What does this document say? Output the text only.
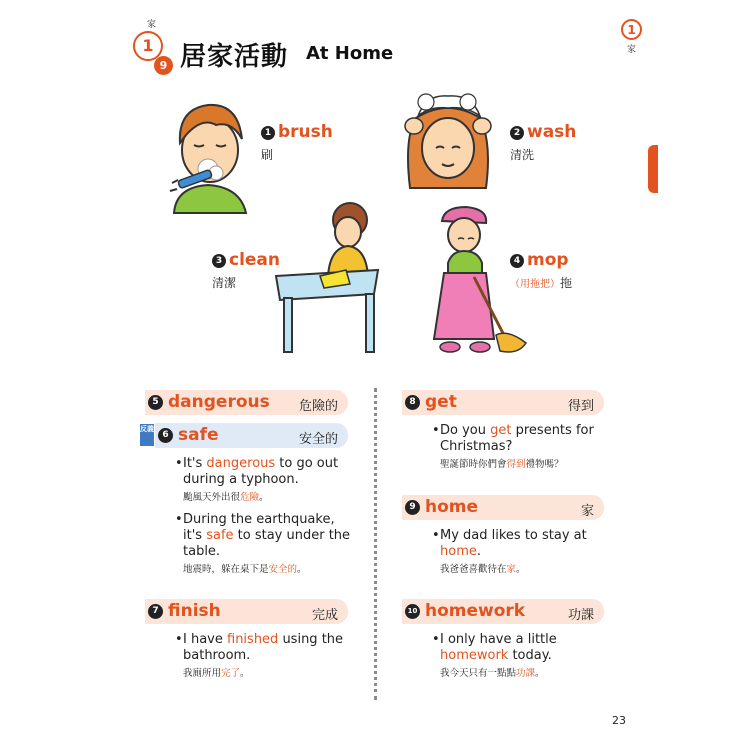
家
1
9 居家活動 At Home
1
家
1 brush
刷
2 wash
清洗
3 clean
清潔
4 mop
（用拖把）拖
5 dangerous 危險的
反義
6 safe	安全的
• It's dangerous to go out
during a typhoon.
颱風天外出很危險。
• During the earthquake,
it's safe to stay under the
table.
地震時，躲在桌下是安全的。
7 finish	完成
• I have finished using the
bathroom.
我廁所用完了。
8 get	得到
• Do you get presents for
Christmas?
聖誕節時你們會得到禮物嗎？
9 home	家
• My dad likes to stay at
home.
我爸爸喜歡待在家。
10 homework	功課
• I only have a little
homework today.
我今天只有一點點功課。
23
